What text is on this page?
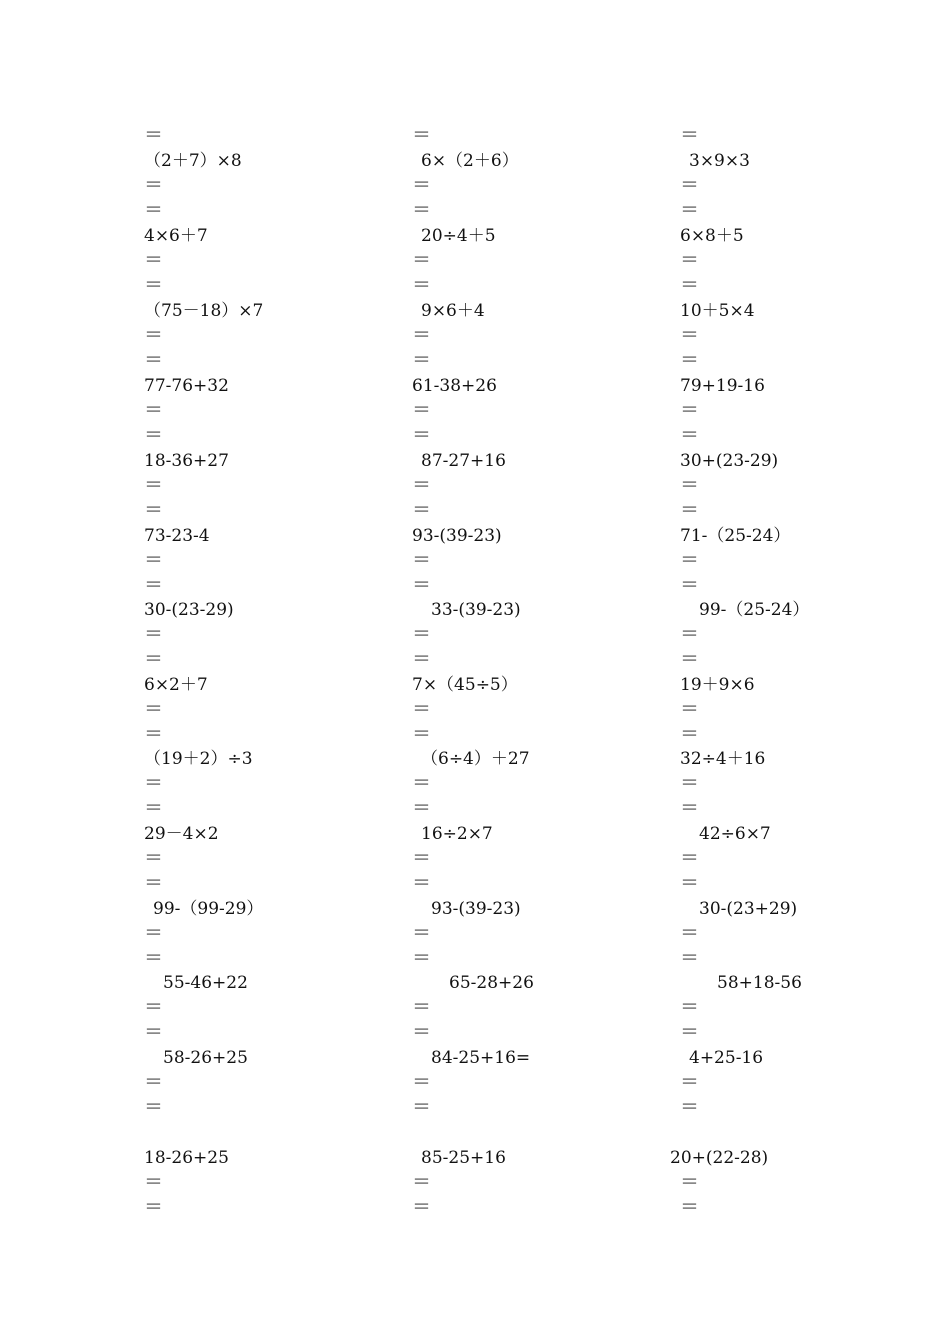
＝
（2＋7）×8
＝
＝
4×6＋7
＝
＝
（75－18）×7
＝
＝
77-76+32
＝
＝
18-36+27
＝
＝
73-23-4
＝
＝
30-(23-29)
＝
＝
6×2＋7
＝
＝
（19＋2）÷3
＝
＝
29－4×2
＝
＝
99-（99-29）
＝
＝
55-46+22
＝
＝
58-26+25
＝
＝
18-26+25
＝
＝
＝
6×（2＋6）
＝
＝
20÷4＋5
＝
＝
9×6＋4
＝
＝
61-38+26
＝
＝
87-27+16
＝
＝
93-(39-23)
＝
＝
33-(39-23)
＝
＝
7×（45÷5）
＝
＝
（6÷4）＋27
＝
＝
16÷2×7
＝
＝
93-(39-23)
＝
＝
65-28+26
＝
＝
84-25+16=
＝
＝
85-25+16
＝
＝
＝
3×9×3
＝
＝
6×8＋5
＝
＝
10＋5×4
＝
＝
79+19-16
＝
＝
30+(23-29)
＝
＝
71-（25-24）
＝
＝
99-（25-24）
＝
＝
19＋9×6
＝
＝
32÷4＋16
＝
＝
42÷6×7
＝
＝
30-(23+29)
＝
＝
58+18-56
＝
＝
4+25-16
＝
＝
20+(22-28)
＝
＝
